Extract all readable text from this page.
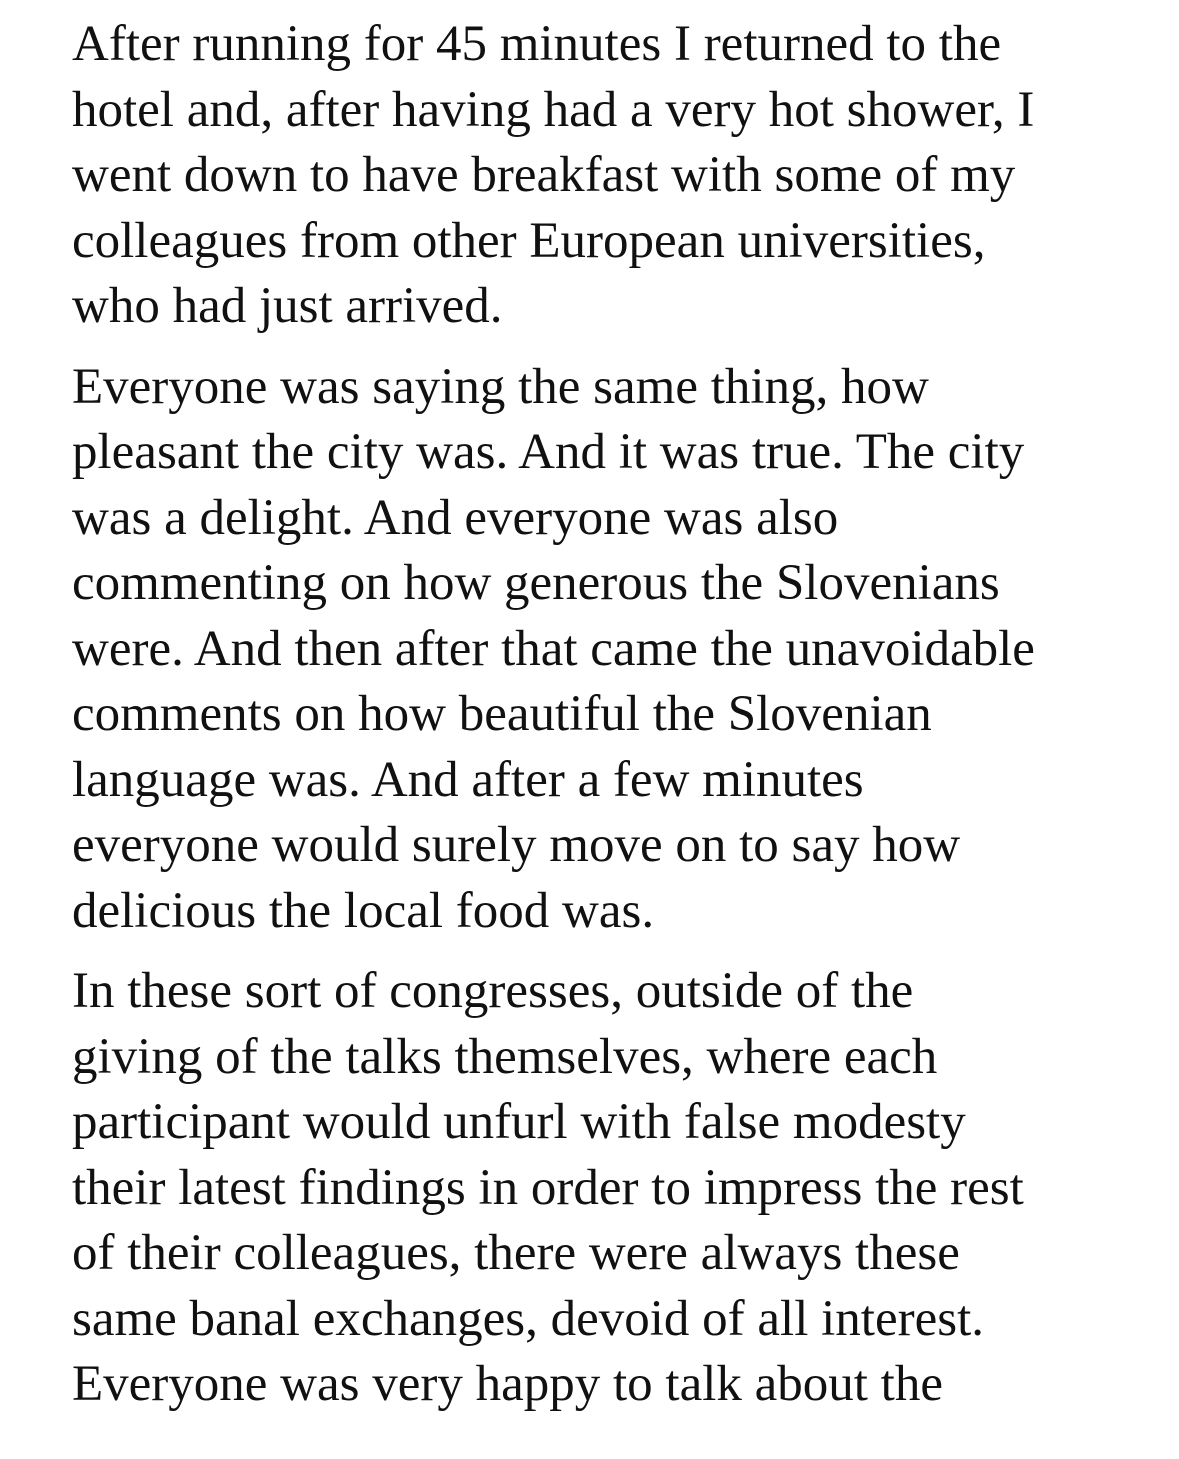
After running for 45 minutes I returned to the
hotel and, after having had a very hot shower, I
went down to have breakfast with some of my
colleagues from other European universities,
who had just arrived.

Everyone was saying the same thing, how
pleasant the city was. And it was true. The city
was a delight. And everyone was also
commenting on how generous the Slovenians
were. And then after that came the unavoidable
comments on how beautiful the Slovenian
language was. And after a few minutes
everyone would surely move on to say how
delicious the local food was.

In these sort of congresses, outside of the
giving of the talks themselves, where each
participant would unfurl with false modesty
their latest findings in order to impress the rest
of their colleagues, there were always these
same banal exchanges, devoid of all interest.
Everyone was very happy to talk about the
